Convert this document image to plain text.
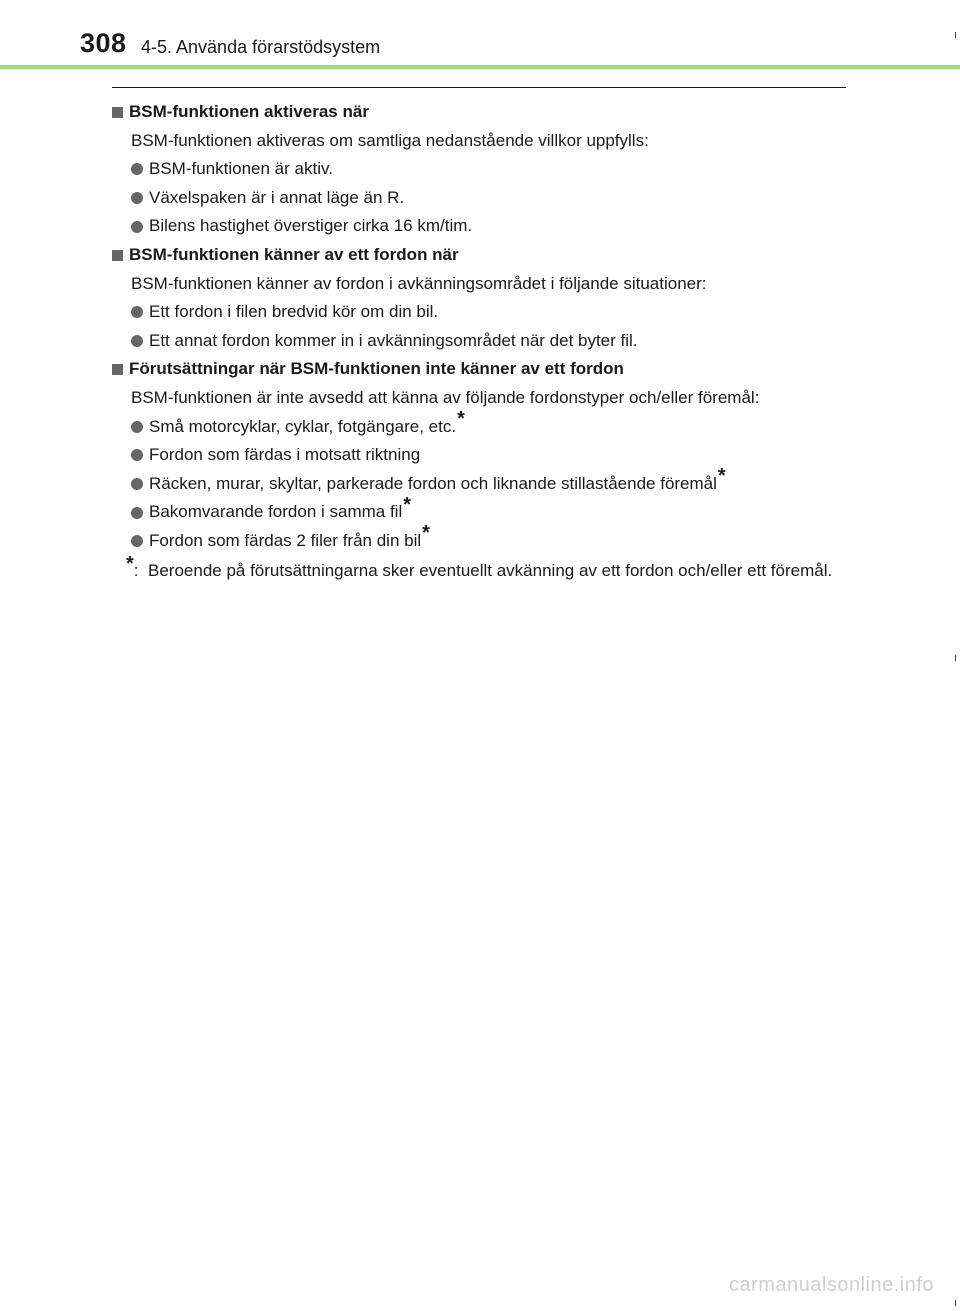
308 4-5. Använda förarstödsystem
BSM-funktionen aktiveras när
BSM-funktionen aktiveras om samtliga nedanstående villkor uppfylls:
BSM-funktionen är aktiv.
Växelspaken är i annat läge än R.
Bilens hastighet överstiger cirka 16 km/tim.
BSM-funktionen känner av ett fordon när
BSM-funktionen känner av fordon i avkänningsområdet i följande situationer:
Ett fordon i filen bredvid kör om din bil.
Ett annat fordon kommer in i avkänningsområdet när det byter fil.
Förutsättningar när BSM-funktionen inte känner av ett fordon
BSM-funktionen är inte avsedd att känna av följande fordonstyper och/eller föremål:
Små motorcyklar, cyklar, fotgängare, etc. *
Fordon som färdas i motsatt riktning
Räcken, murar, skyltar, parkerade fordon och liknande stillastående föremål *
Bakomvarande fordon i samma fil *
Fordon som färdas 2 filer från din bil *
*: Beroende på förutsättningarna sker eventuellt avkänning av ett fordon och/eller ett föremål.
carmanualsonline.info
